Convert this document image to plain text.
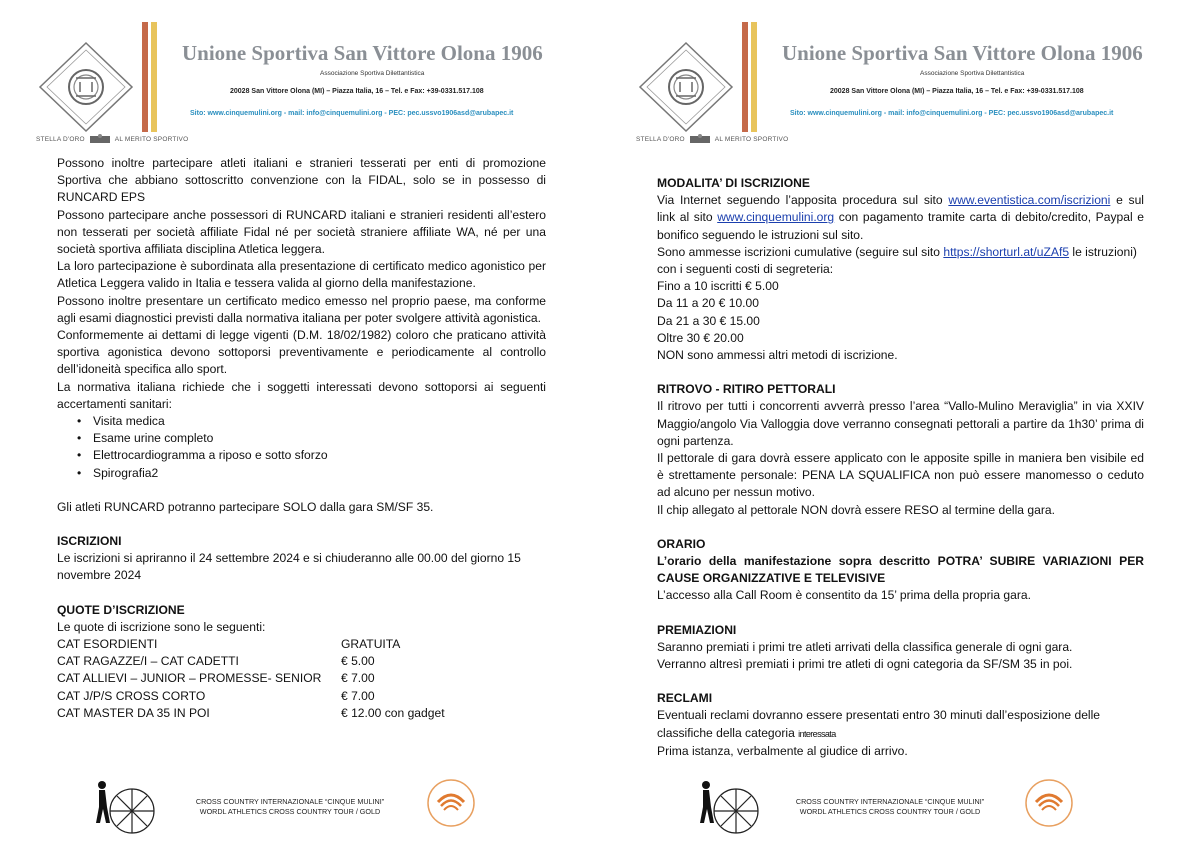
STELLA D'ORO	AL MERITO SPORTIVO
Unione Sportiva San Vittore Olona 1906
Associazione Sportiva Dilettantistica
20028 San Vittore Olona (MI) – Piazza Italia, 16 – Tel. e Fax: +39-0331.517.108
Sito: www.cinquemulini.org - mail: info@cinquemulini.org - PEC: pec.ussvo1906asd@arubapec.it
Possono inoltre partecipare atleti italiani e stranieri tesserati per enti di promozione Sportiva che abbiano sottoscritto convenzione con la FIDAL, solo se in possesso di RUNCARD EPS
Possono partecipare anche possessori di RUNCARD italiani e stranieri residenti all’estero non tesserati per società affiliate Fidal né per società straniere affiliate WA, né per una società sportiva affiliata disciplina Atletica leggera.
La loro partecipazione è subordinata alla presentazione di certificato medico agonistico per Atletica Leggera valido in Italia e tessera valida al giorno della manifestazione.
Possono inoltre presentare un certificato medico emesso nel proprio paese, ma conforme agli esami diagnostici previsti dalla normativa italiana per poter svolgere attività agonistica.
Conformemente ai dettami di legge vigenti (D.M. 18/02/1982) coloro che praticano attività sportiva agonistica devono sottoporsi preventivamente e periodicamente al controllo dell’idoneità specifica allo sport.
La normativa italiana richiede che i soggetti interessati devono sottoporsi ai seguenti accertamenti sanitari:
• Visita medica
• Esame urine completo
• Elettrocardiogramma a riposo e sotto sforzo
• Spirografia2
Gli atleti RUNCARD potranno partecipare SOLO dalla gara SM/SF 35.
ISCRIZIONI
Le iscrizioni si apriranno il 24 settembre 2024 e si chiuderanno alle 00.00 del giorno 15 novembre 2024
QUOTE D’ISCRIZIONE
Le quote di iscrizione sono le seguenti:
CAT ESORDIENTI	GRATUITA
CAT RAGAZZE/I – CAT CADETTI	€ 5.00
CAT ALLIEVI – JUNIOR – PROMESSE- SENIOR	€ 7.00
CAT J/P/S CROSS CORTO	€ 7.00
CAT MASTER DA 35 IN POI	€ 12.00 con gadget
CROSS COUNTRY INTERNAZIONALE “CINQUE MULINI”
WORDL ATHLETICS CROSS COUNTRY TOUR / GOLD
STELLA D'ORO	AL MERITO SPORTIVO
Unione Sportiva San Vittore Olona 1906
Associazione Sportiva Dilettantistica
20028 San Vittore Olona (MI) – Piazza Italia, 16 – Tel. e Fax: +39-0331.517.108
Sito: www.cinquemulini.org - mail: info@cinquemulini.org - PEC: pec.ussvo1906asd@arubapec.it
MODALITA’ DI ISCRIZIONE
Via Internet seguendo l’apposita procedura sul sito www.eventistica.com/iscrizioni e sul link al sito www.cinquemulini.org con pagamento tramite carta di debito/credito, Paypal e bonifico seguendo le istruzioni sul sito.
Sono ammesse iscrizioni cumulative (seguire sul sito https://shorturl.at/uZAf5 le istruzioni) con i seguenti costi di segreteria:
Fino a 10 iscritti € 5.00
Da 11 a 20 € 10.00
Da 21 a 30 € 15.00
Oltre 30 € 20.00
NON sono ammessi altri metodi di iscrizione.
RITROVO - RITIRO PETTORALI
Il ritrovo per tutti i concorrenti avverrà presso l’area “Vallo-Mulino Meraviglia” in via XXIV Maggio/angolo Via Valloggia dove verranno consegnati pettorali a partire da 1h30’ prima di ogni partenza.
Il pettorale di gara dovrà essere applicato con le apposite spille in maniera ben visibile ed è strettamente personale: PENA LA SQUALIFICA non può essere manomesso o ceduto ad alcuno per nessun motivo.
Il chip allegato al pettorale NON dovrà essere RESO al termine della gara.
ORARIO
L’orario della manifestazione sopra descritto POTRA’ SUBIRE VARIAZIONI PER CAUSE ORGANIZZATIVE E TELEVISIVE
L’accesso alla Call Room è consentito da 15’ prima della propria gara.
PREMIAZIONI
Saranno premiati i primi tre atleti arrivati della classifica generale di ogni gara.
Verranno altresì premiati i primi tre atleti di ogni categoria da SF/SM 35 in poi.
RECLAMI
Eventuali reclami dovranno essere presentati entro 30 minuti dall’esposizione delle classifiche della categoria interessata
Prima istanza, verbalmente al giudice di arrivo.
CROSS COUNTRY INTERNAZIONALE “CINQUE MULINI”
WORDL ATHLETICS CROSS COUNTRY TOUR / GOLD
